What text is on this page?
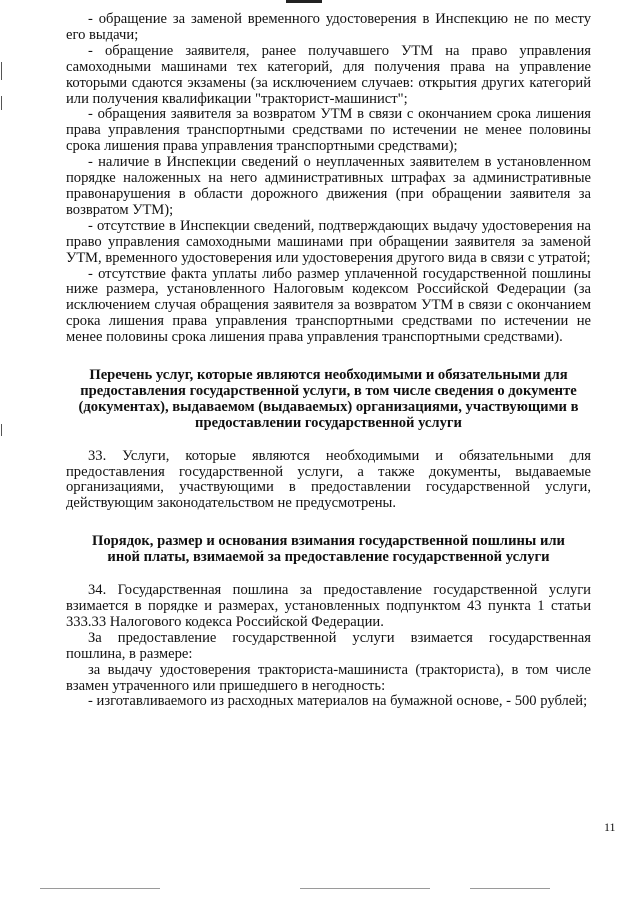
- обращение за заменой временного удостоверения в Инспекцию не по месту его выдачи;

- обращение заявителя, ранее получавшего УТМ на право управления самоходными машинами тех категорий, для получения права на управление которыми сдаются экзамены (за исключением случаев: открытия других категорий или получения квалификации "тракторист-машинист";

- обращения заявителя за возвратом УТМ в связи с окончанием срока лишения права управления транспортными средствами по истечении не менее половины срока лишения права управления транспортными средствами);

- наличие в Инспекции сведений о неуплаченных заявителем в установленном порядке наложенных на него административных штрафах за административные правонарушения в области дорожного движения (при обращении заявителя за возвратом УТМ);

- отсутствие в Инспекции сведений, подтверждающих выдачу удостоверения на право управления самоходными машинами при обращении заявителя за заменой УТМ, временного удостоверения или удостоверения другого вида в связи с утратой;

- отсутствие факта уплаты либо размер уплаченной государственной пошлины ниже размера, установленного Налоговым кодексом Российской Федерации (за исключением случая обращения заявителя за возвратом УТМ в связи с окончанием срока лишения права управления транспортными средствами по истечении не менее половины срока лишения права управления транспортными средствами).

Перечень услуг, которые являются необходимыми и обязательными для предоставления государственной услуги, в том числе сведения о документе (документах), выдаваемом (выдаваемых) организациями, участвующими в предоставлении государственной услуги

33. Услуги, которые являются необходимыми и обязательными для предоставления государственной услуги, а также документы, выдаваемые организациями, участвующими в предоставлении государственной услуги, действующим законодательством не предусмотрены.

Порядок, размер и основания взимания государственной пошлины или иной платы, взимаемой за предоставление государственной услуги

34. Государственная пошлина за предоставление государственной услуги взимается в порядке и размерах, установленных подпунктом 43 пункта 1 статьи 333.33 Налогового кодекса Российской Федерации.

За предоставление государственной услуги взимается государственная пошлина, в размере:

за выдачу удостоверения тракториста-машиниста (тракториста), в том числе взамен утраченного или пришедшего в негодность:

- изготавливаемого из расходных материалов на бумажной основе, - 500 рублей;

11
